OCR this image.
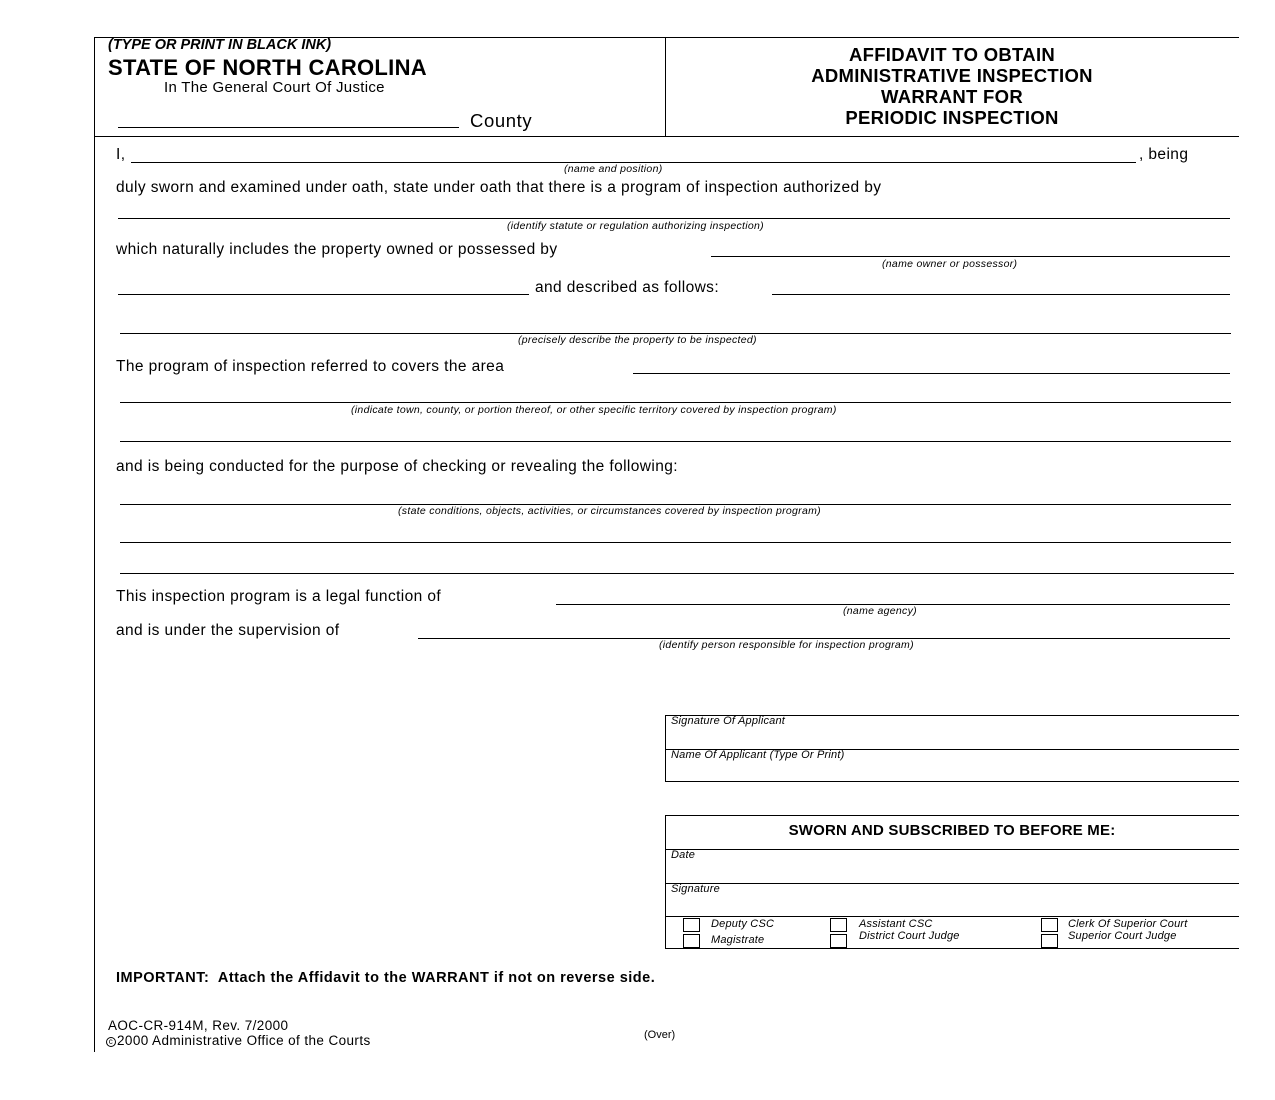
(TYPE OR PRINT IN BLACK INK)
STATE OF NORTH CAROLINA
In The General Court Of Justice
County
AFFIDAVIT TO OBTAIN
ADMINISTRATIVE INSPECTION
WARRANT FOR
PERIODIC INSPECTION
I,	, being
(name and position)
duly sworn and examined under oath, state under oath that there is a program of inspection authorized by
(identify statute or regulation authorizing inspection)
which naturally includes the property owned or possessed by
(name owner or possessor)
and described as follows:
(precisely describe the property to be inspected)
The program of inspection referred to covers the area
(indicate town, county, or portion thereof, or other specific territory covered by inspection program)
and is being conducted for the purpose of checking or revealing the following:
(state conditions, objects, activities, or circumstances covered by inspection program)
This inspection program is a legal function of
(name agency)
and is under the supervision of
(identify person responsible for inspection program)
Signature Of Applicant
Name Of Applicant (Type Or Print)
SWORN AND SUBSCRIBED TO BEFORE ME:
Date
Signature
Deputy CSC
Magistrate
Assistant CSC
District Court Judge
Clerk Of Superior Court
Superior Court Judge
IMPORTANT:  Attach the Affidavit to the WARRANT if not on reverse side.
AOC-CR-914M, Rev. 7/2000
c 2000 Administrative Office of the Courts	(Over)
